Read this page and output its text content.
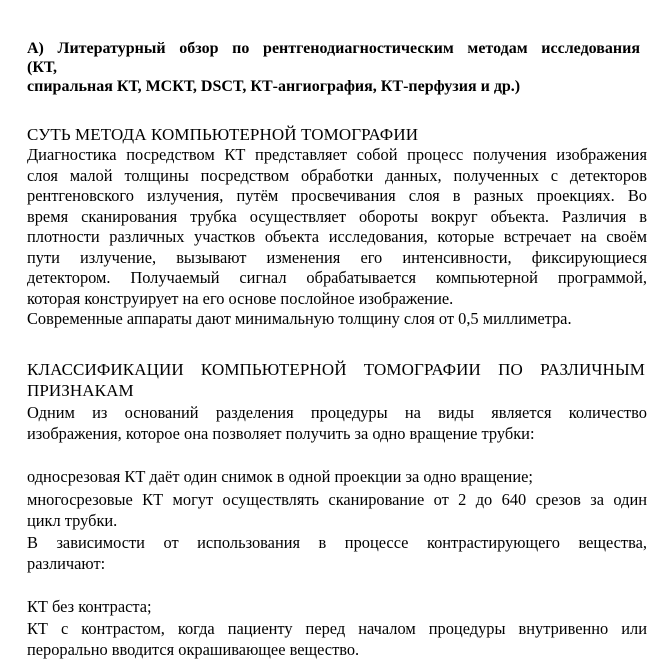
А) Литературный обзор по рентгенодиагностическим методам исследования
(КТ,
спиральная КТ, МСКТ, DSCT, КТ-ангиография, КТ-перфузия и др.)
СУТЬ МЕТОДА КОМПЬЮТЕРНОЙ ТОМОГРАФИИ
Диагностика посредством КТ представляет собой процесс получения изображения
слоя малой толщины посредством обработки данных, полученных с детекторов
рентгеновского излучения, путём просвечивания слоя в разных проекциях. Во
время сканирования трубка осуществляет обороты вокруг объекта. Различия в
плотности различных участков объекта исследования, которые встречает на своём
пути излучение, вызывают изменения его интенсивности, фиксирующиеся
детектором. Получаемый сигнал обрабатывается компьютерной программой,
которая конструирует на его основе послойное изображение.
Современные аппараты дают минимальную толщину слоя от 0,5 миллиметра.
КЛАССИФИКАЦИИ КОМПЬЮТЕРНОЙ ТОМОГРАФИИ ПО РАЗЛИЧНЫМ
ПРИЗНАКАМ
Одним из оснований разделения процедуры на виды является количество
изображения, которое она позволяет получить за одно вращение трубки:
односрезовая КТ даёт один снимок в одной проекции за одно вращение;
многосрезовые КТ могут осуществлять сканирование от 2 до 640 срезов за один
цикл трубки.
В зависимости от использования в процессе контрастирующего вещества,
различают:
КТ без контраста;
КТ с контрастом, когда пациенту перед началом процедуры внутривенно или
перорально вводится окрашивающее вещество.
